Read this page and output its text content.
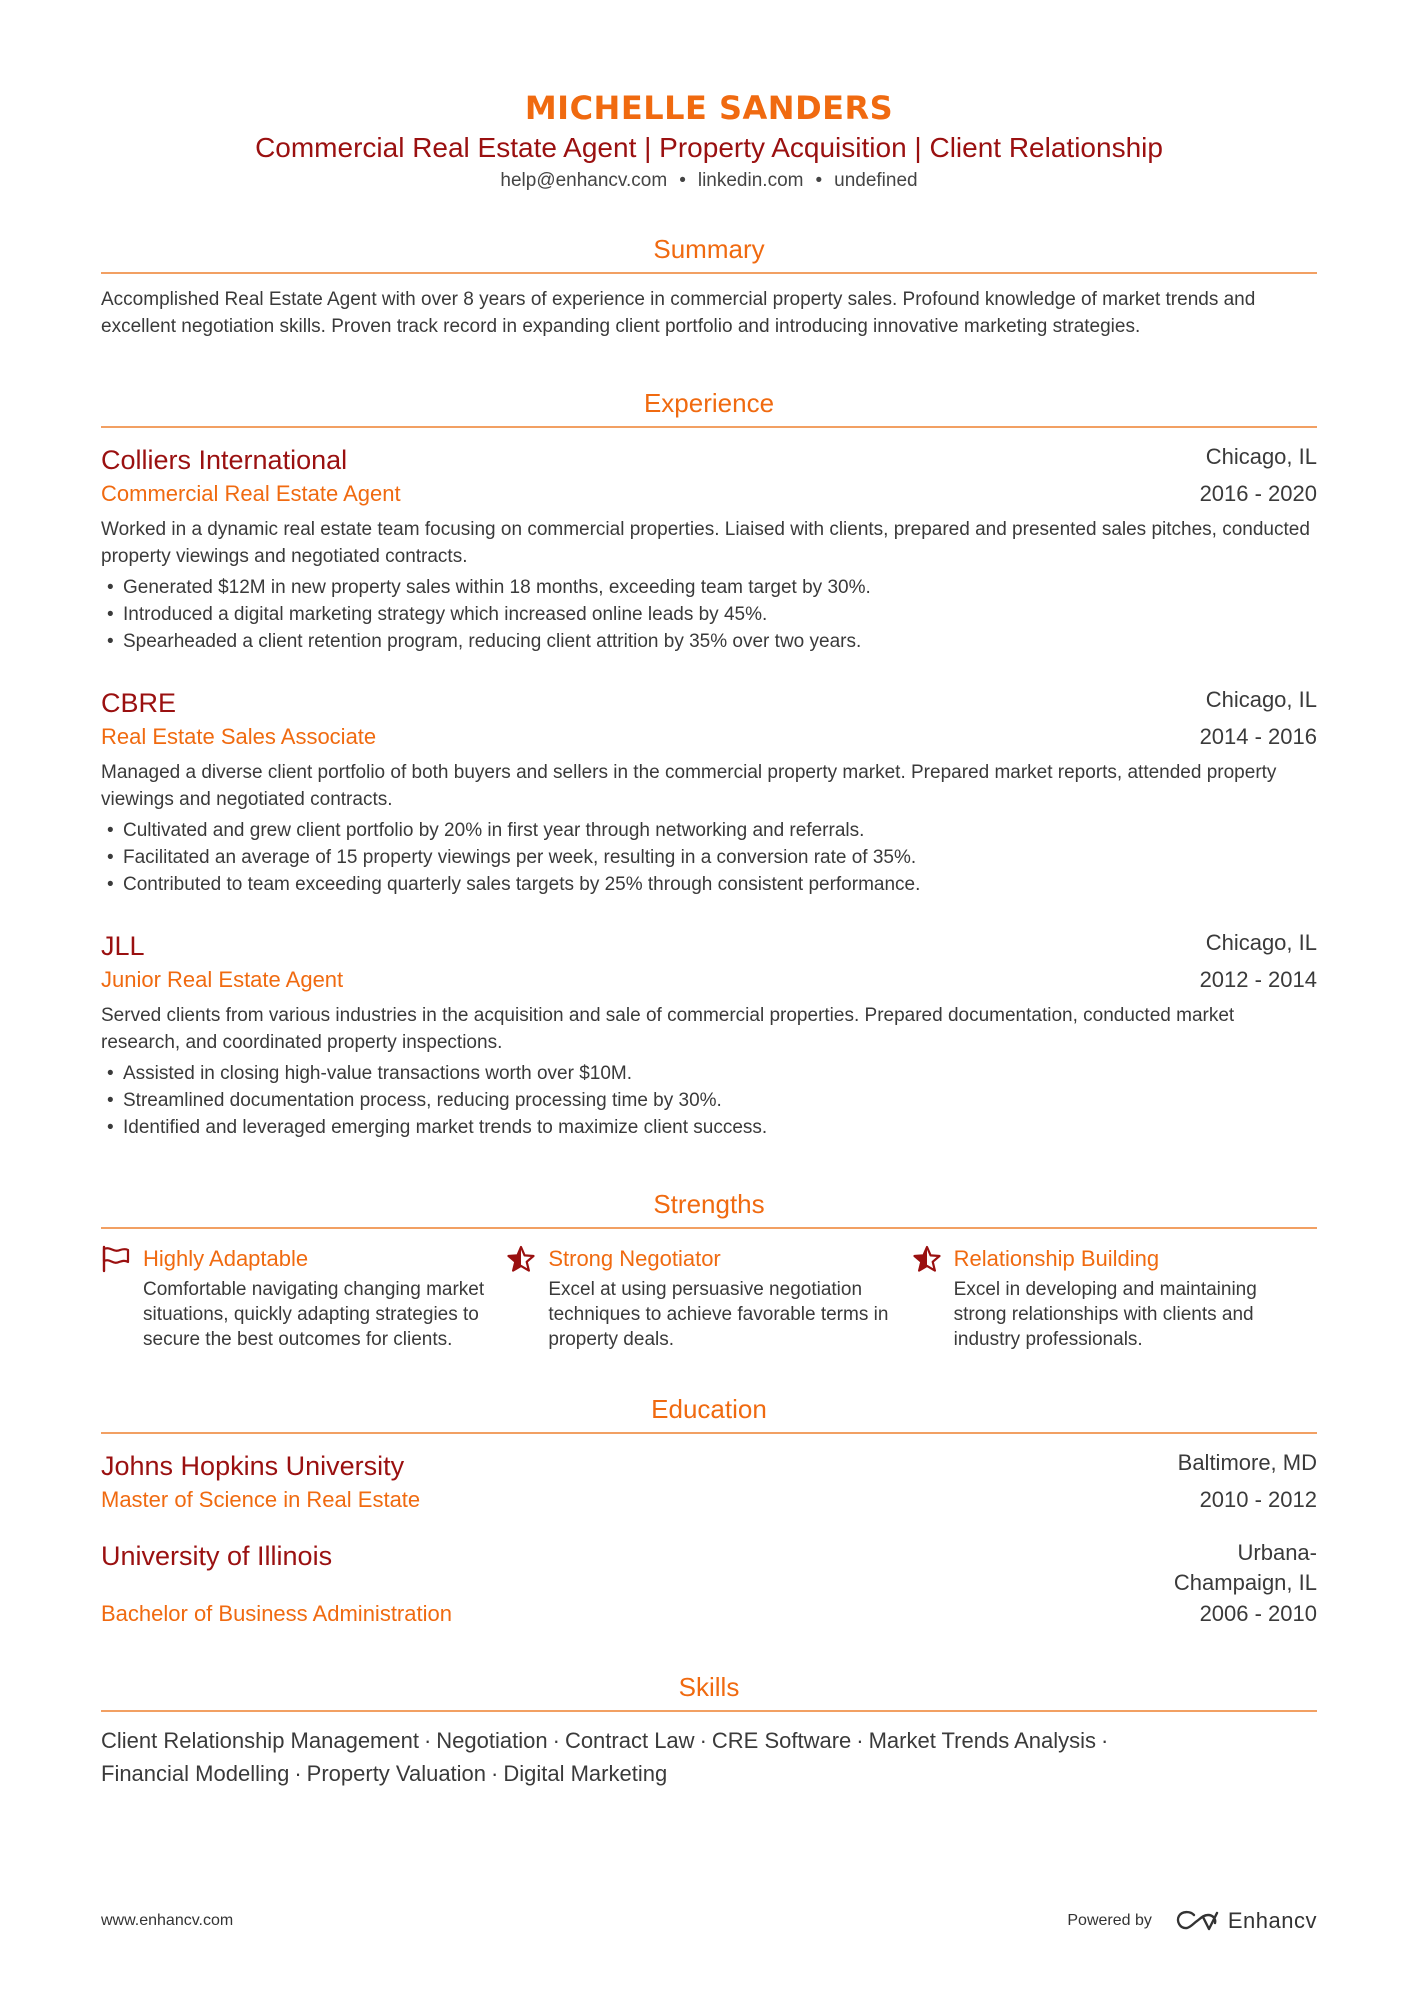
MICHELLE SANDERS
Commercial Real Estate Agent | Property Acquisition | Client Relationship
help@enhancv.com • linkedin.com • undefined
Summary
Accomplished Real Estate Agent with over 8 years of experience in commercial property sales. Profound knowledge of market trends and excellent negotiation skills. Proven track record in expanding client portfolio and introducing innovative marketing strategies.
Experience
Colliers International	Chicago, IL
Commercial Real Estate Agent	2016 - 2020
Worked in a dynamic real estate team focusing on commercial properties. Liaised with clients, prepared and presented sales pitches, conducted property viewings and negotiated contracts.
• Generated $12M in new property sales within 18 months, exceeding team target by 30%.
• Introduced a digital marketing strategy which increased online leads by 45%.
• Spearheaded a client retention program, reducing client attrition by 35% over two years.
CBRE	Chicago, IL
Real Estate Sales Associate	2014 - 2016
Managed a diverse client portfolio of both buyers and sellers in the commercial property market. Prepared market reports, attended property viewings and negotiated contracts.
• Cultivated and grew client portfolio by 20% in first year through networking and referrals.
• Facilitated an average of 15 property viewings per week, resulting in a conversion rate of 35%.
• Contributed to team exceeding quarterly sales targets by 25% through consistent performance.
JLL	Chicago, IL
Junior Real Estate Agent	2012 - 2014
Served clients from various industries in the acquisition and sale of commercial properties. Prepared documentation, conducted market research, and coordinated property inspections.
• Assisted in closing high-value transactions worth over $10M.
• Streamlined documentation process, reducing processing time by 30%.
• Identified and leveraged emerging market trends to maximize client success.
Strengths
Highly Adaptable
Comfortable navigating changing market situations, quickly adapting strategies to secure the best outcomes for clients.
Strong Negotiator
Excel at using persuasive negotiation techniques to achieve favorable terms in property deals.
Relationship Building
Excel in developing and maintaining strong relationships with clients and industry professionals.
Education
Johns Hopkins University	Baltimore, MD
Master of Science in Real Estate	2010 - 2012
University of Illinois	Urbana-Champaign, IL
Bachelor of Business Administration	2006 - 2010
Skills
Client Relationship Management · Negotiation · Contract Law · CRE Software · Market Trends Analysis ·
Financial Modelling · Property Valuation · Digital Marketing
www.enhancv.com	Powered by	Enhancv
